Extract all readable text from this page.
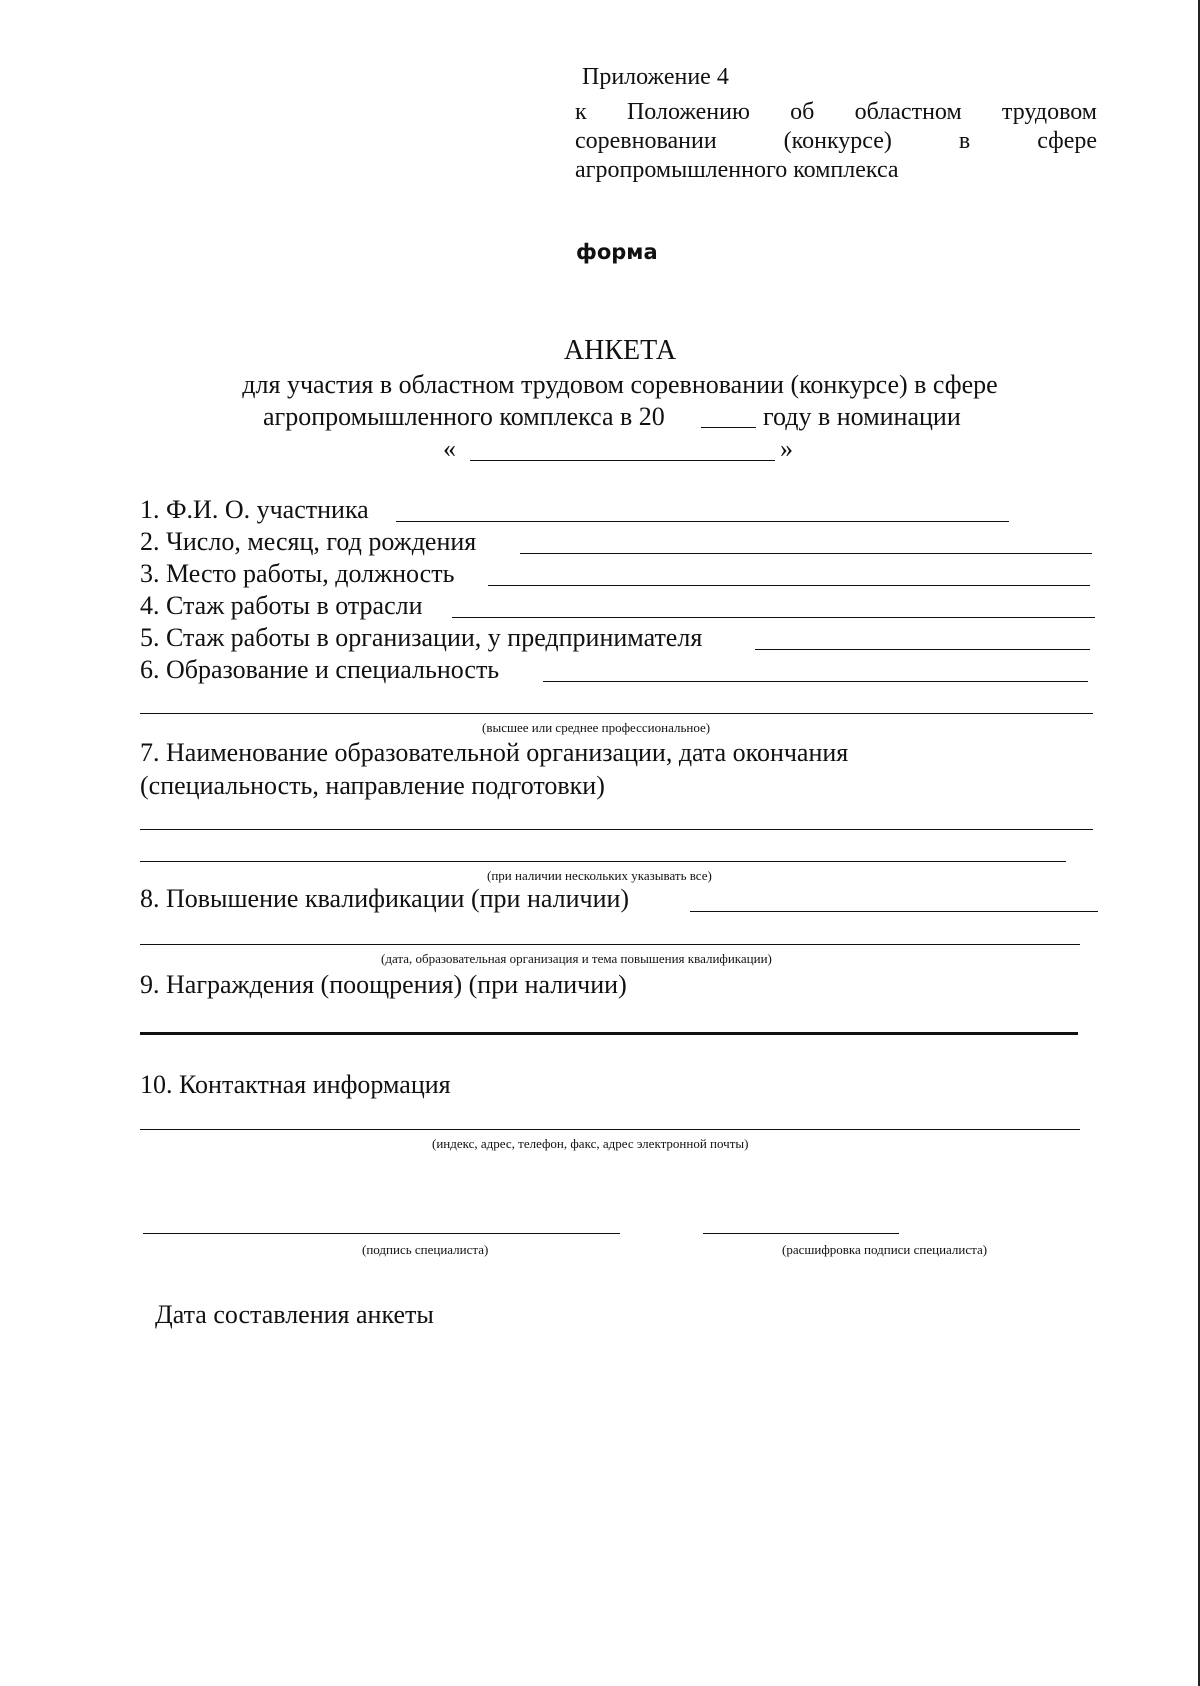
Приложение 4
к Положению об областном трудовом
соревновании (конкурсе) в сфере
агропромышленного комплекса
форма
АНКЕТА
для участия в областном трудовом соревновании (конкурсе) в сфере
агропромышленного комплекса в 20	году в номинации
«	»
1. Ф.И. О. участника
2. Число, месяц, год рождения
3. Место работы, должность
4. Стаж работы в отрасли
5. Стаж работы в организации, у предпринимателя
6. Образование и специальность
(высшее или среднее профессиональное)
7. Наименование образовательной организации, дата окончания
(специальность, направление подготовки)
(при наличии нескольких указывать все)
8. Повышение квалификации (при наличии)
(дата, образовательная организация и тема повышения квалификации)
9. Награждения (поощрения) (при наличии)
10. Контактная информация
(индекс, адрес, телефон, факс, адрес электронной почты)
(подпись специалиста)	(расшифровка подписи специалиста)
Дата составления анкеты
